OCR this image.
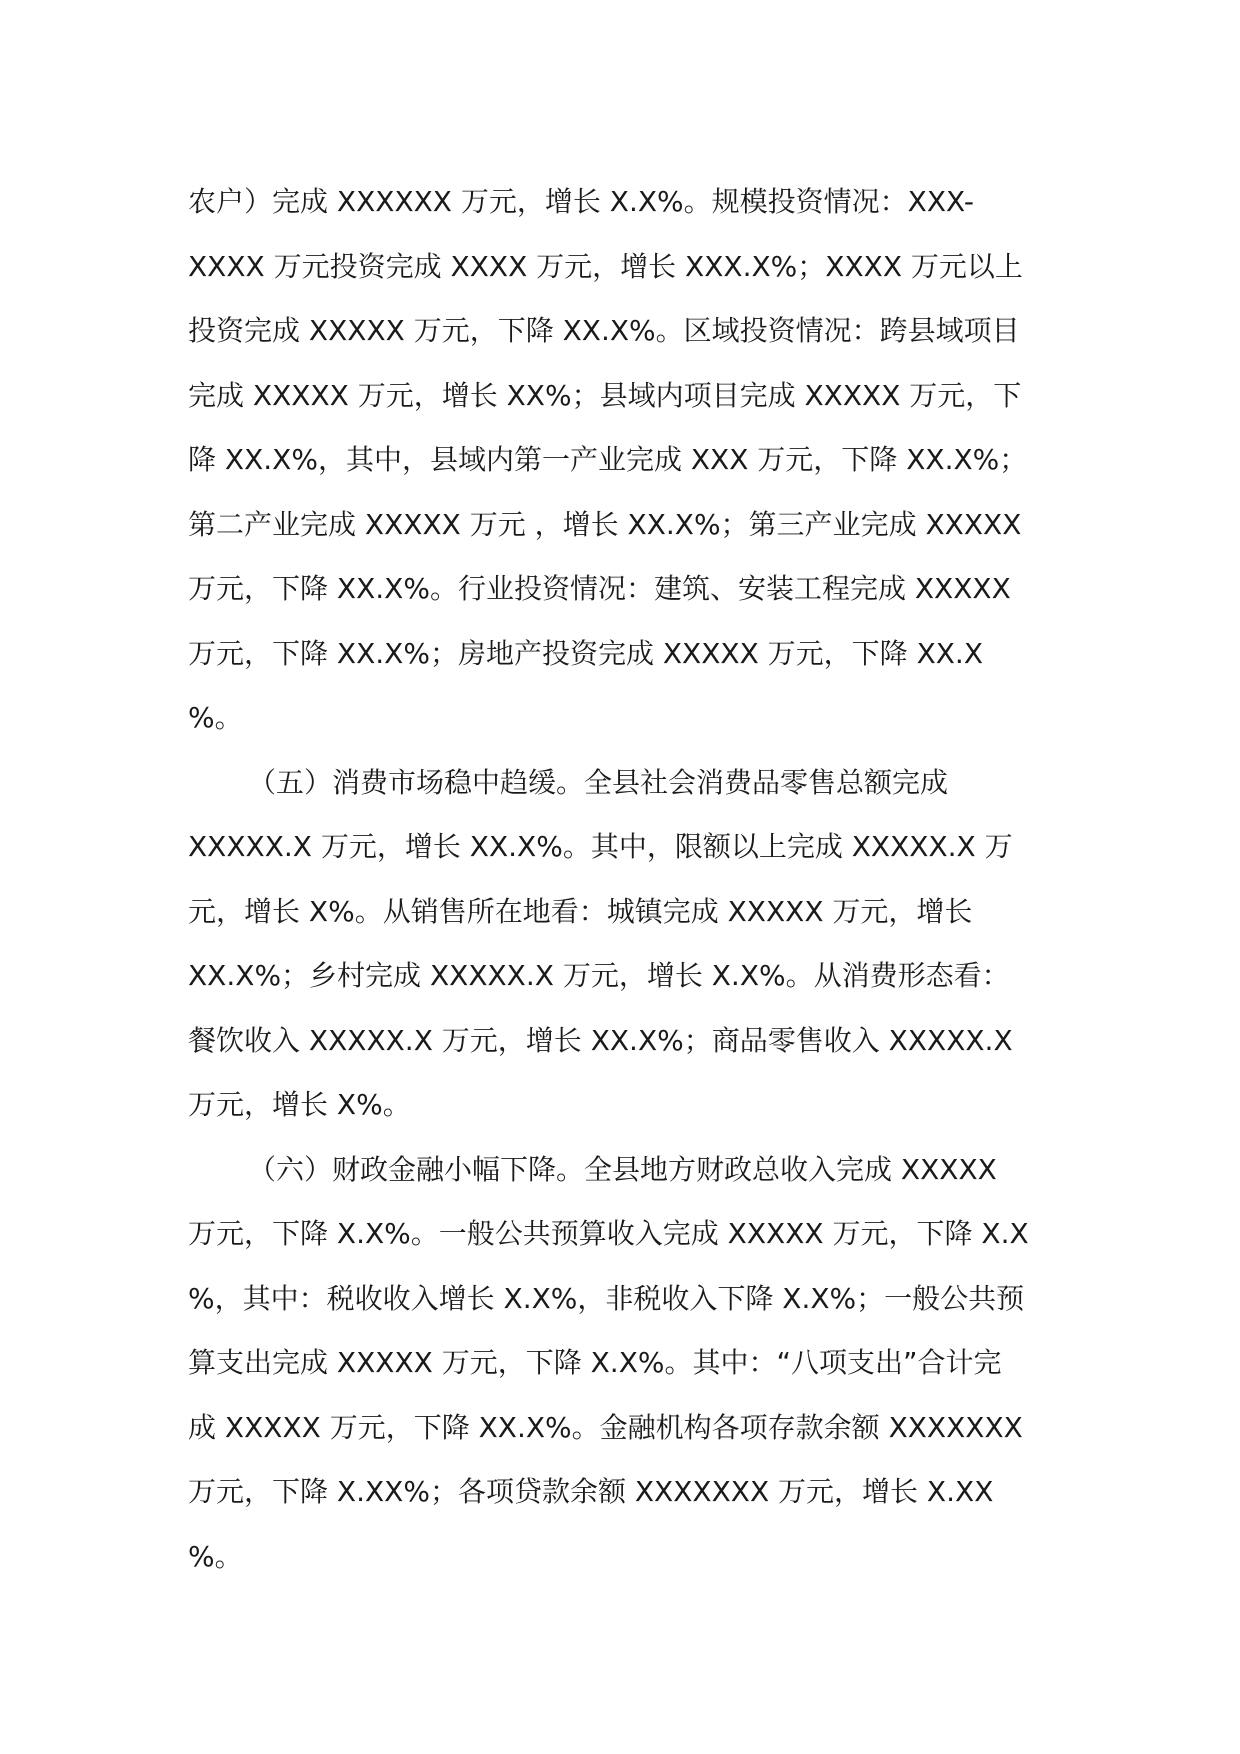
农户）完成 XXXXXX 万元，增长 X.X%。规模投资情况：XXX-
XXXX 万元投资完成 XXXX 万元，增长 XXX.X%；XXXX 万元以上
投资完成 XXXXX 万元，下降 XX.X%。区域投资情况：跨县域项目
完成 XXXXX 万元，增长 XX%；县域内项目完成 XXXXX 万元，下
降 XX.X%，其中，县域内第一产业完成 XXX 万元，下降 XX.X%；
第二产业完成 XXXXX 万元 ，增长 XX.X%；第三产业完成 XXXXX
万元，下降 XX.X%。行业投资情况：建筑、安装工程完成 XXXXX
万元，下降 XX.X%；房地产投资完成 XXXXX 万元，下降 XX.X
%。
（五）消费市场稳中趋缓。全县社会消费品零售总额完成
XXXXX.X 万元，增长 XX.X%。其中，限额以上完成 XXXXX.X 万
元，增长 X%。从销售所在地看：城镇完成 XXXXX 万元，增长
XX.X%；乡村完成 XXXXX.X 万元，增长 X.X%。从消费形态看：
餐饮收入 XXXXX.X 万元，增长 XX.X%；商品零售收入 XXXXX.X
万元，增长 X%。
（六）财政金融小幅下降。全县地方财政总收入完成 XXXXX
万元，下降 X.X%。一般公共预算收入完成 XXXXX 万元，下降 X.X
%，其中：税收收入增长 X.X%，非税收入下降 X.X%；一般公共预
算支出完成 XXXXX 万元，下降 X.X%。其中：“八项支出”合计完
成 XXXXX 万元，下降 XX.X%。金融机构各项存款余额 XXXXXXX
万元，下降 X.XX%；各项贷款余额 XXXXXXX 万元，增长 X.XX
%。
